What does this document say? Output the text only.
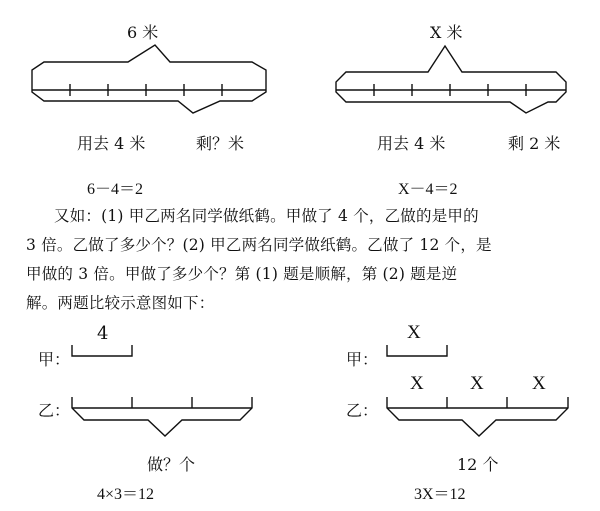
6 米
用去 4 米	剩？米
6－4＝2
X 米
用去 4 米	剩 2 米
X－4＝2
又如：(1) 甲乙两名同学做纸鹤。甲做了 4 个，乙做的是甲的
3 倍。乙做了多少个？(2) 甲乙两名同学做纸鹤。乙做了 12 个，是
甲做的 3 倍。甲做了多少个？第 (1) 题是顺解，第 (2) 题是逆
解。两题比较示意图如下：
4
甲：
乙：
做？个
4×3＝12
X
甲：
X X	X
乙：
12 个
3X＝12
